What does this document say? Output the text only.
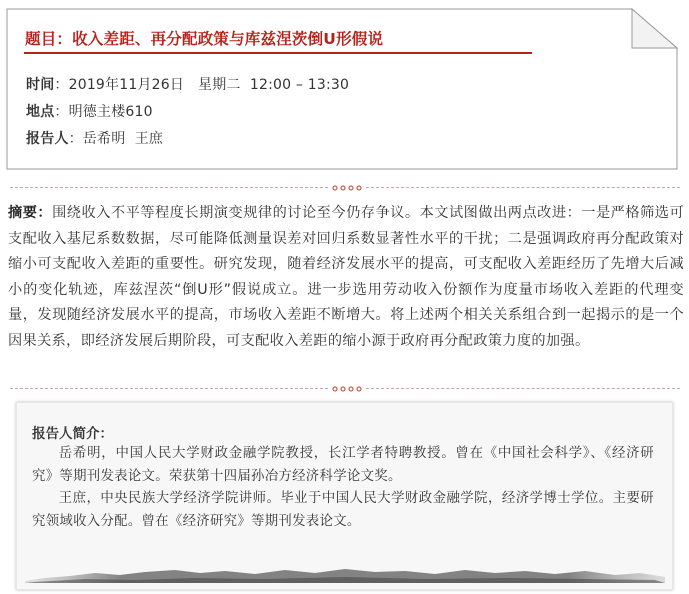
题目：收入差距、再分配政策与库兹涅茨倒U形假说
时间：2019年11月26日   星期二  12:00 – 13:30
地点：明德主楼610
报告人：岳希明  王庶
摘要：围绕收入不平等程度长期演变规律的讨论至今仍存争议。本文试图做出两点改进：一是严格筛选可支配收入基尼系数数据，尽可能降低测量误差对回归系数显著性水平的干扰；二是强调政府再分配政策对缩小可支配收入差距的重要性。研究发现，随着经济发展水平的提高，可支配收入差距经历了先增大后减小的变化轨迹，库兹涅茨“倒U形”假说成立。进一步选用劳动收入份额作为度量市场收入差距的代理变量，发现随经济发展水平的提高，市场收入差距不断增大。将上述两个相关关系组合到一起揭示的是一个因果关系，即经济发展后期阶段，可支配收入差距的缩小源于政府再分配政策力度的加强。
报告人简介：

岳希明，中国人民大学财政金融学院教授，长江学者特聘教授。曾在《中国社会科学》、《经济研究》等期刊发表论文。荣获第十四届孙冶方经济科学论文奖。

王庶，中央民族大学经济学院讲师。毕业于中国人民大学财政金融学院，经济学博士学位。主要研究领域收入分配。曾在《经济研究》等期刊发表论文。
